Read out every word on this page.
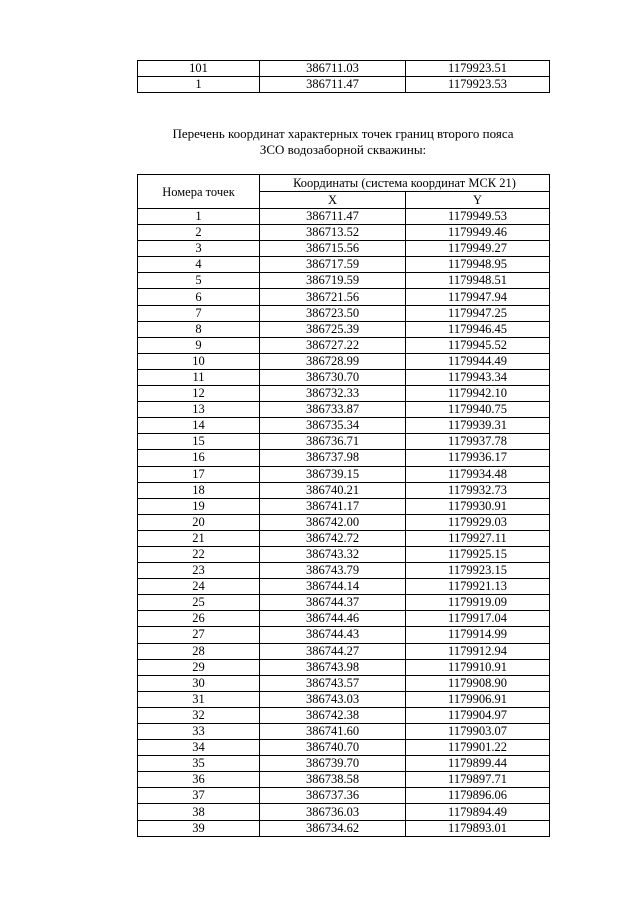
101	386711.03	1179923.51
1	386711.47	1179923.53
Перечень координат характерных точек границ второго пояса
ЗСО водозаборной скважины:
Номера точек	Координаты (система координат МСК 21)	
	X	Y
1	386711.47	1179949.53
2	386713.52	1179949.46
3	386715.56	1179949.27
4	386717.59	1179948.95
5	386719.59	1179948.51
6	386721.56	1179947.94
7	386723.50	1179947.25
8	386725.39	1179946.45
9	386727.22	1179945.52
10	386728.99	1179944.49
11	386730.70	1179943.34
12	386732.33	1179942.10
13	386733.87	1179940.75
14	386735.34	1179939.31
15	386736.71	1179937.78
16	386737.98	1179936.17
17	386739.15	1179934.48
18	386740.21	1179932.73
19	386741.17	1179930.91
20	386742.00	1179929.03
21	386742.72	1179927.11
22	386743.32	1179925.15
23	386743.79	1179923.15
24	386744.14	1179921.13
25	386744.37	1179919.09
26	386744.46	1179917.04
27	386744.43	1179914.99
28	386744.27	1179912.94
29	386743.98	1179910.91
30	386743.57	1179908.90
31	386743.03	1179906.91
32	386742.38	1179904.97
33	386741.60	1179903.07
34	386740.70	1179901.22
35	386739.70	1179899.44
36	386738.58	1179897.71
37	386737.36	1179896.06
38	386736.03	1179894.49
39	386734.62	1179893.01
